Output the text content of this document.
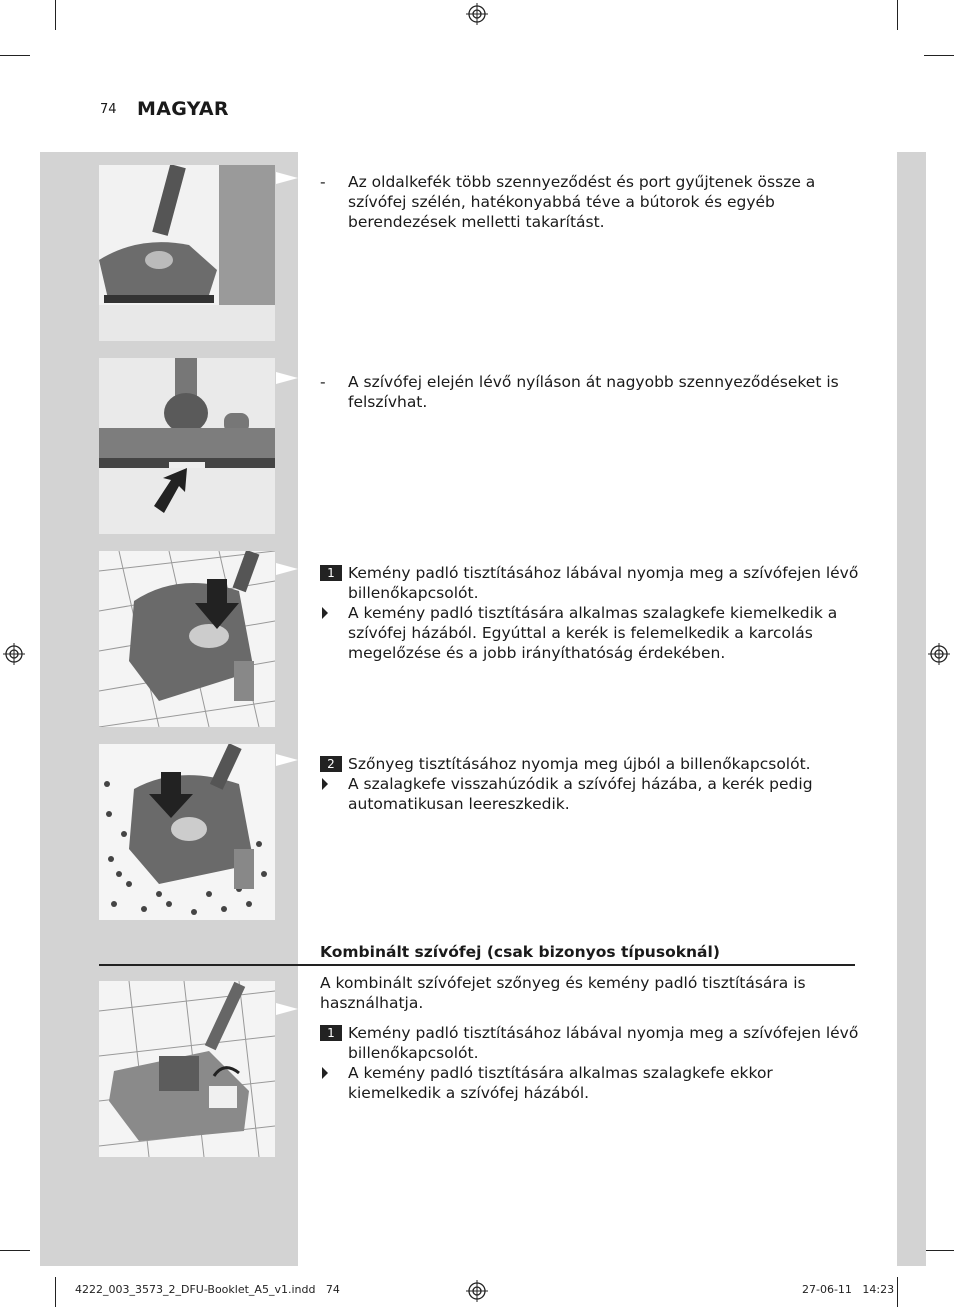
74 MAGYAR
- Az oldalkefék több szennyeződést és port gyűjtenek össze a szívófej szélén, hatékonyabbá téve a bútorok és egyéb berendezések melletti takarítást.
- A szívófej elején lévő nyíláson át nagyobb szennyeződéseket is felszívhat.
1 Kemény padló tisztításához lábával nyomja meg a szívófejen lévő billenőkapcsolót.
A kemény padló tisztítására alkalmas szalagkefe kiemelkedik a szívófej házából. Egyúttal a kerék is felemelkedik a karcolás megelőzése és a jobb irányíthatóság érdekében.
2 Szőnyeg tisztításához nyomja meg újból a billenőkapcsolót.
A szalagkefe visszahúzódik a szívófej házába, a kerék pedig automatikusan leereszkedik.
Kombinált szívófej (csak bizonyos típusoknál)
A kombinált szívófejet szőnyeg és kemény padló tisztítására is használhatja.
1 Kemény padló tisztításához lábával nyomja meg a szívófejen lévő billenőkapcsolót.
A kemény padló tisztítására alkalmas szalagkefe ekkor kiemelkedik a szívófej házából.
4222_003_3573_2_DFU-Booklet_A5_v1.indd   74	27-06-11   14:23
